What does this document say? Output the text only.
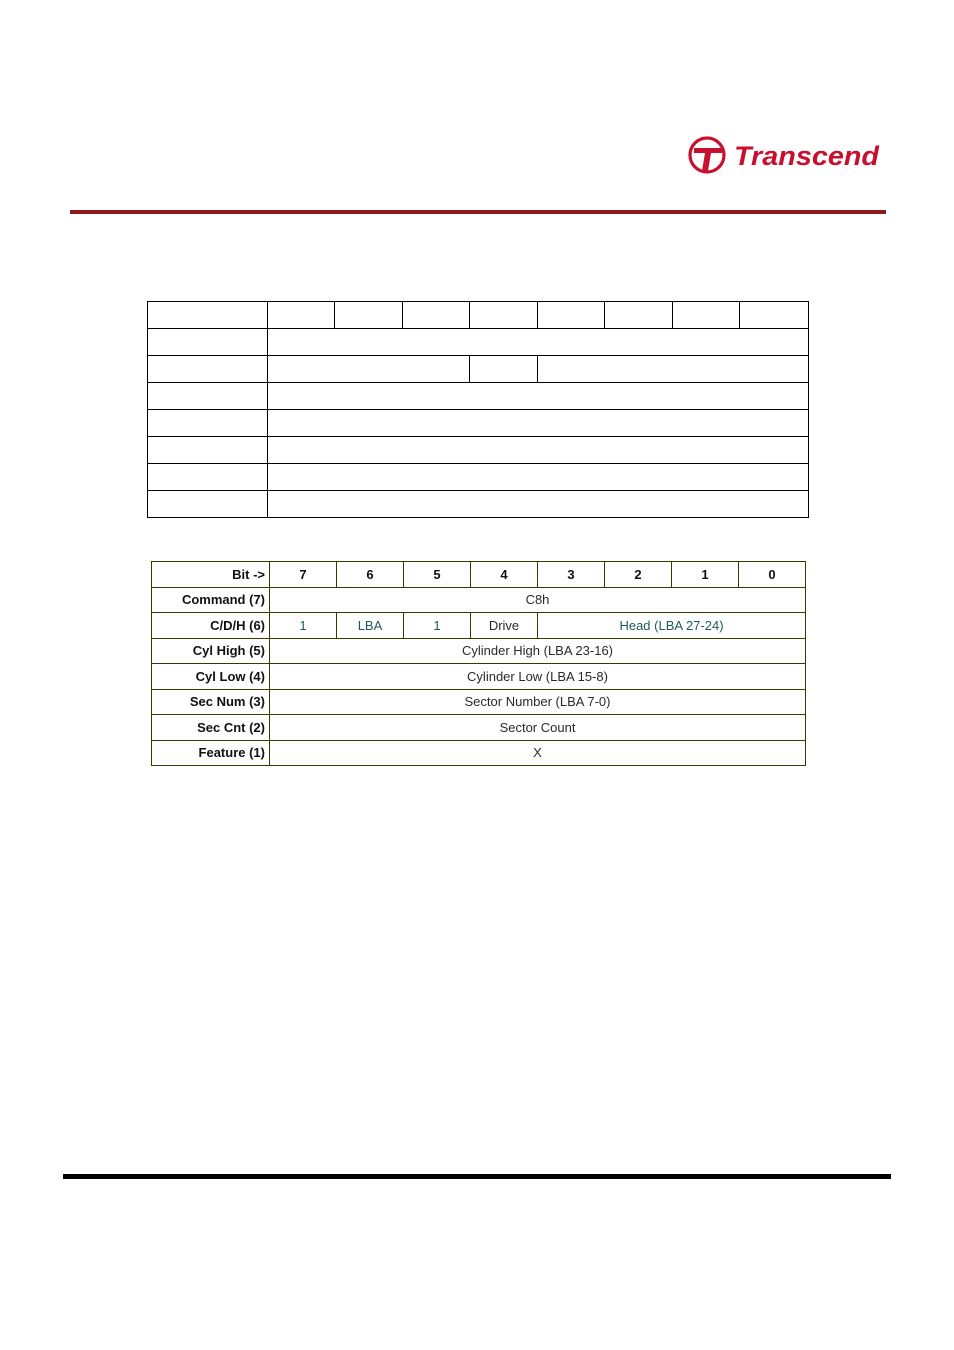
Transcend

Bit ->	7	6	5	4	3	2	1	0
Command (7)	C8h							
C/D/H (6)	1	LBA	1	Drive	Head (LBA 27-24)			
Cyl High (5)	Cylinder High (LBA 23-16)							
Cyl Low (4)	Cylinder Low (LBA 15-8)							
Sec Num (3)	Sector Number (LBA 7-0)							
Sec Cnt (2)	Sector Count							
Feature (1)	X							
